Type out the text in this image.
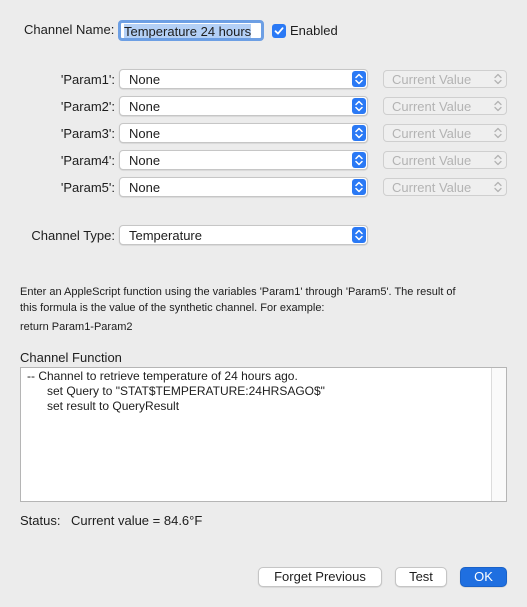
Channel Name: Temperature 24 hours	Enabled
'Param1': None	Current Value
'Param2': None	Current Value
'Param3': None	Current Value
'Param4': None	Current Value
'Param5': None	Current Value
Channel Type: Temperature
Enter an AppleScript function using the variables 'Param1' through 'Param5'. The result of
this formula is the value of the synthetic channel. For example:
return Param1-Param2
Channel Function
-- Channel to retrieve temperature of 24 hours ago.
set Query to "STAT$TEMPERATURE:24HRSAGO$"
set result to QueryResult
Status: Current value = 84.6°F
Forget Previous	Test	OK
